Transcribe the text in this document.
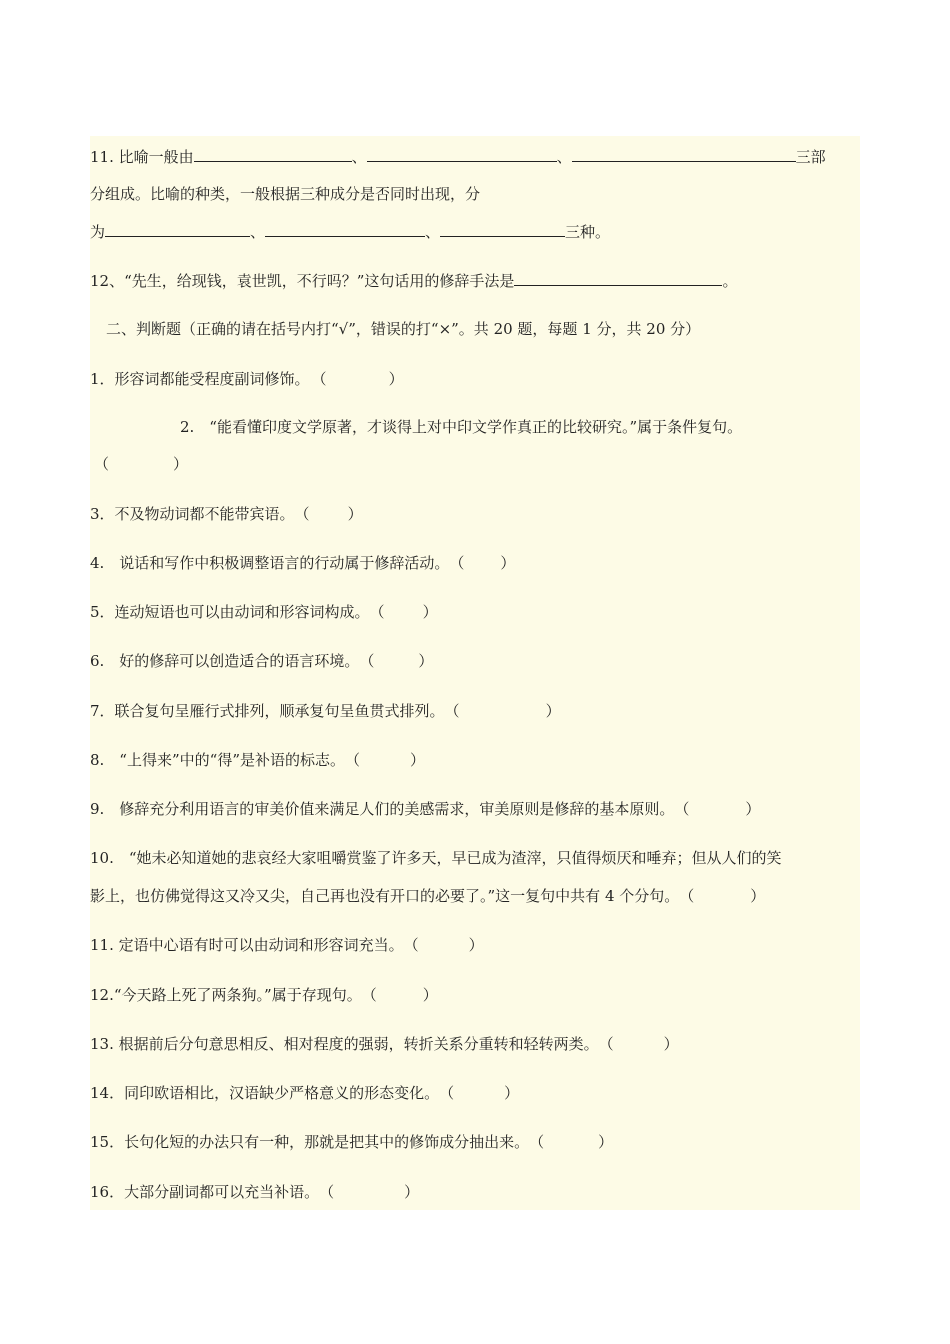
11. 比喻一般由	、	、	三部
分组成。比喻的种类，一般根据三种成分是否同时出现，分
为	、	、	三种。
12、“先生，给现钱，袁世凯，不行吗？”这句话用的修辞手法是	。
二、判断题（正确的请在括号内打“√”，错误的打“×”。共 20 题，每题 1 分，共 20 分）
1．形容词都能受程度副词修饰。 （	）
2.　“能看懂印度文学原著，才谈得上对中印文学作真正的比较研究。”属于条件复句。
（	）
3．不及物动词都不能带宾语。（	）
4.　说话和写作中积极调整语言的行动属于修辞活动。（ ）
5．连动短语也可以由动词和形容词构成。（	）
6.　好的修辞可以创造适合的语言环境。（	）
7．联合复句呈雁行式排列，顺承复句呈鱼贯式排列。（	）
8.　“上得来”中的“得”是补语的标志。（	）
9.　修辞充分利用语言的审美价值来满足人们的美感需求，审美原则是修辞的基本原则。（	）
10.　“她未必知道她的悲哀经大家咀嚼赏鉴了许多天，早已成为渣滓，只值得烦厌和唾弃；但从人们的笑
影上，也仿佛觉得这又冷又尖，自己再也没有开口的必要了。”这一复句中共有 4 个分句。（	）
11. 定语中心语有时可以由动词和形容词充当。（	）
12.“今天路上死了两条狗。”属于存现句。（	）
13. 根据前后分句意思相反、相对程度的强弱，转折关系分重转和轻转两类。（	）
14．同印欧语相比，汉语缺少严格意义的形态变化。（	）
15．长句化短的办法只有一种，那就是把其中的修饰成分抽出来。（	）
16．大部分副词都可以充当补语。（	）
